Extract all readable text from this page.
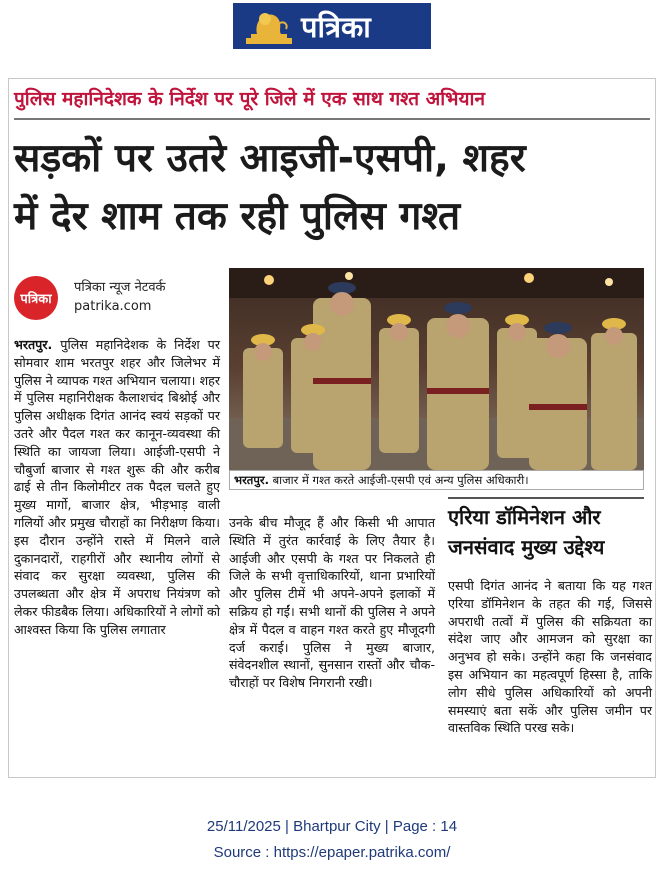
पत्रिका
पुलिस महानिदेशक के निर्देश पर पूरे जिले में एक साथ गश्त अभियान
सड़कों पर उतरे आइजी-एसपी, शहर
में देर शाम तक रही पुलिस गश्त
पत्रिका
पत्रिका न्यूज नेटवर्क
patrika.com
भरतपुर. बाजार में गश्त करते आईजी-एसपी एवं अन्य पुलिस अधिकारी।
भरतपुर. पुलिस महानिदेशक के निर्देश पर सोमवार शाम भरतपुर शहर और जिलेभर में पुलिस ने व्यापक गश्त अभियान चलाया। शहर में पुलिस महानिरीक्षक कैलाशचंद बिश्नोई और पुलिस अधीक्षक दिगंत आनंद स्वयं सड़कों पर उतरे और पैदल गश्त कर कानून-व्यवस्था की स्थिति का जायजा लिया। आईजी-एसपी ने चौबुर्जा बाजार से गश्त शुरू की और करीब ढाई से तीन किलोमीटर तक पैदल चलते हुए मुख्य मार्गो, बाजार क्षेत्र, भीड़भाड़ वाली गलियों और प्रमुख चौराहों का निरीक्षण किया। इस दौरान उन्होंने रास्ते में मिलने वाले दुकानदारों, राहगीरों और स्थानीय लोगों से संवाद कर सुरक्षा व्यवस्था, पुलिस की उपलब्धता और क्षेत्र में अपराध नियंत्रण को लेकर फीडबैक लिया। अधिकारियों ने लोगों को आश्वस्त किया कि पुलिस लगातार
उनके बीच मौजूद हैं और किसी भी आपात स्थिति में तुरंत कार्रवाई के लिए तैयार है। आईजी और एसपी के गश्त पर निकलते ही जिले के सभी वृत्ताधिकारियों, थाना प्रभारियों और पुलिस टीमें भी अपने-अपने इलाकों में सक्रिय हो गईं। सभी थानों की पुलिस ने अपने क्षेत्र में पैदल व वाहन गश्त करते हुए मौजूदगी दर्ज कराई। पुलिस ने मुख्य बाजार, संवेदनशील स्थानों, सुनसान रास्तों और चौक-चौराहों पर विशेष निगरानी रखी।
एरिया डॉमिनेशन और जनसंवाद मुख्य उद्देश्य
एसपी दिगंत आनंद ने बताया कि यह गश्त एरिया डॉमिनेशन के तहत की गई, जिससे अपराधी तत्वों में पुलिस की सक्रियता का संदेश जाए और आमजन को सुरक्षा का अनुभव हो सके। उन्होंने कहा कि जनसंवाद इस अभियान का महत्वपूर्ण हिस्सा है, ताकि लोग सीधे पुलिस अधिकारियों को अपनी समस्याएं बता सकें और पुलिस जमीन पर वास्तविक स्थिति परख सके।
25/11/2025 | Bhartpur City | Page : 14
Source : https://epaper.patrika.com/
